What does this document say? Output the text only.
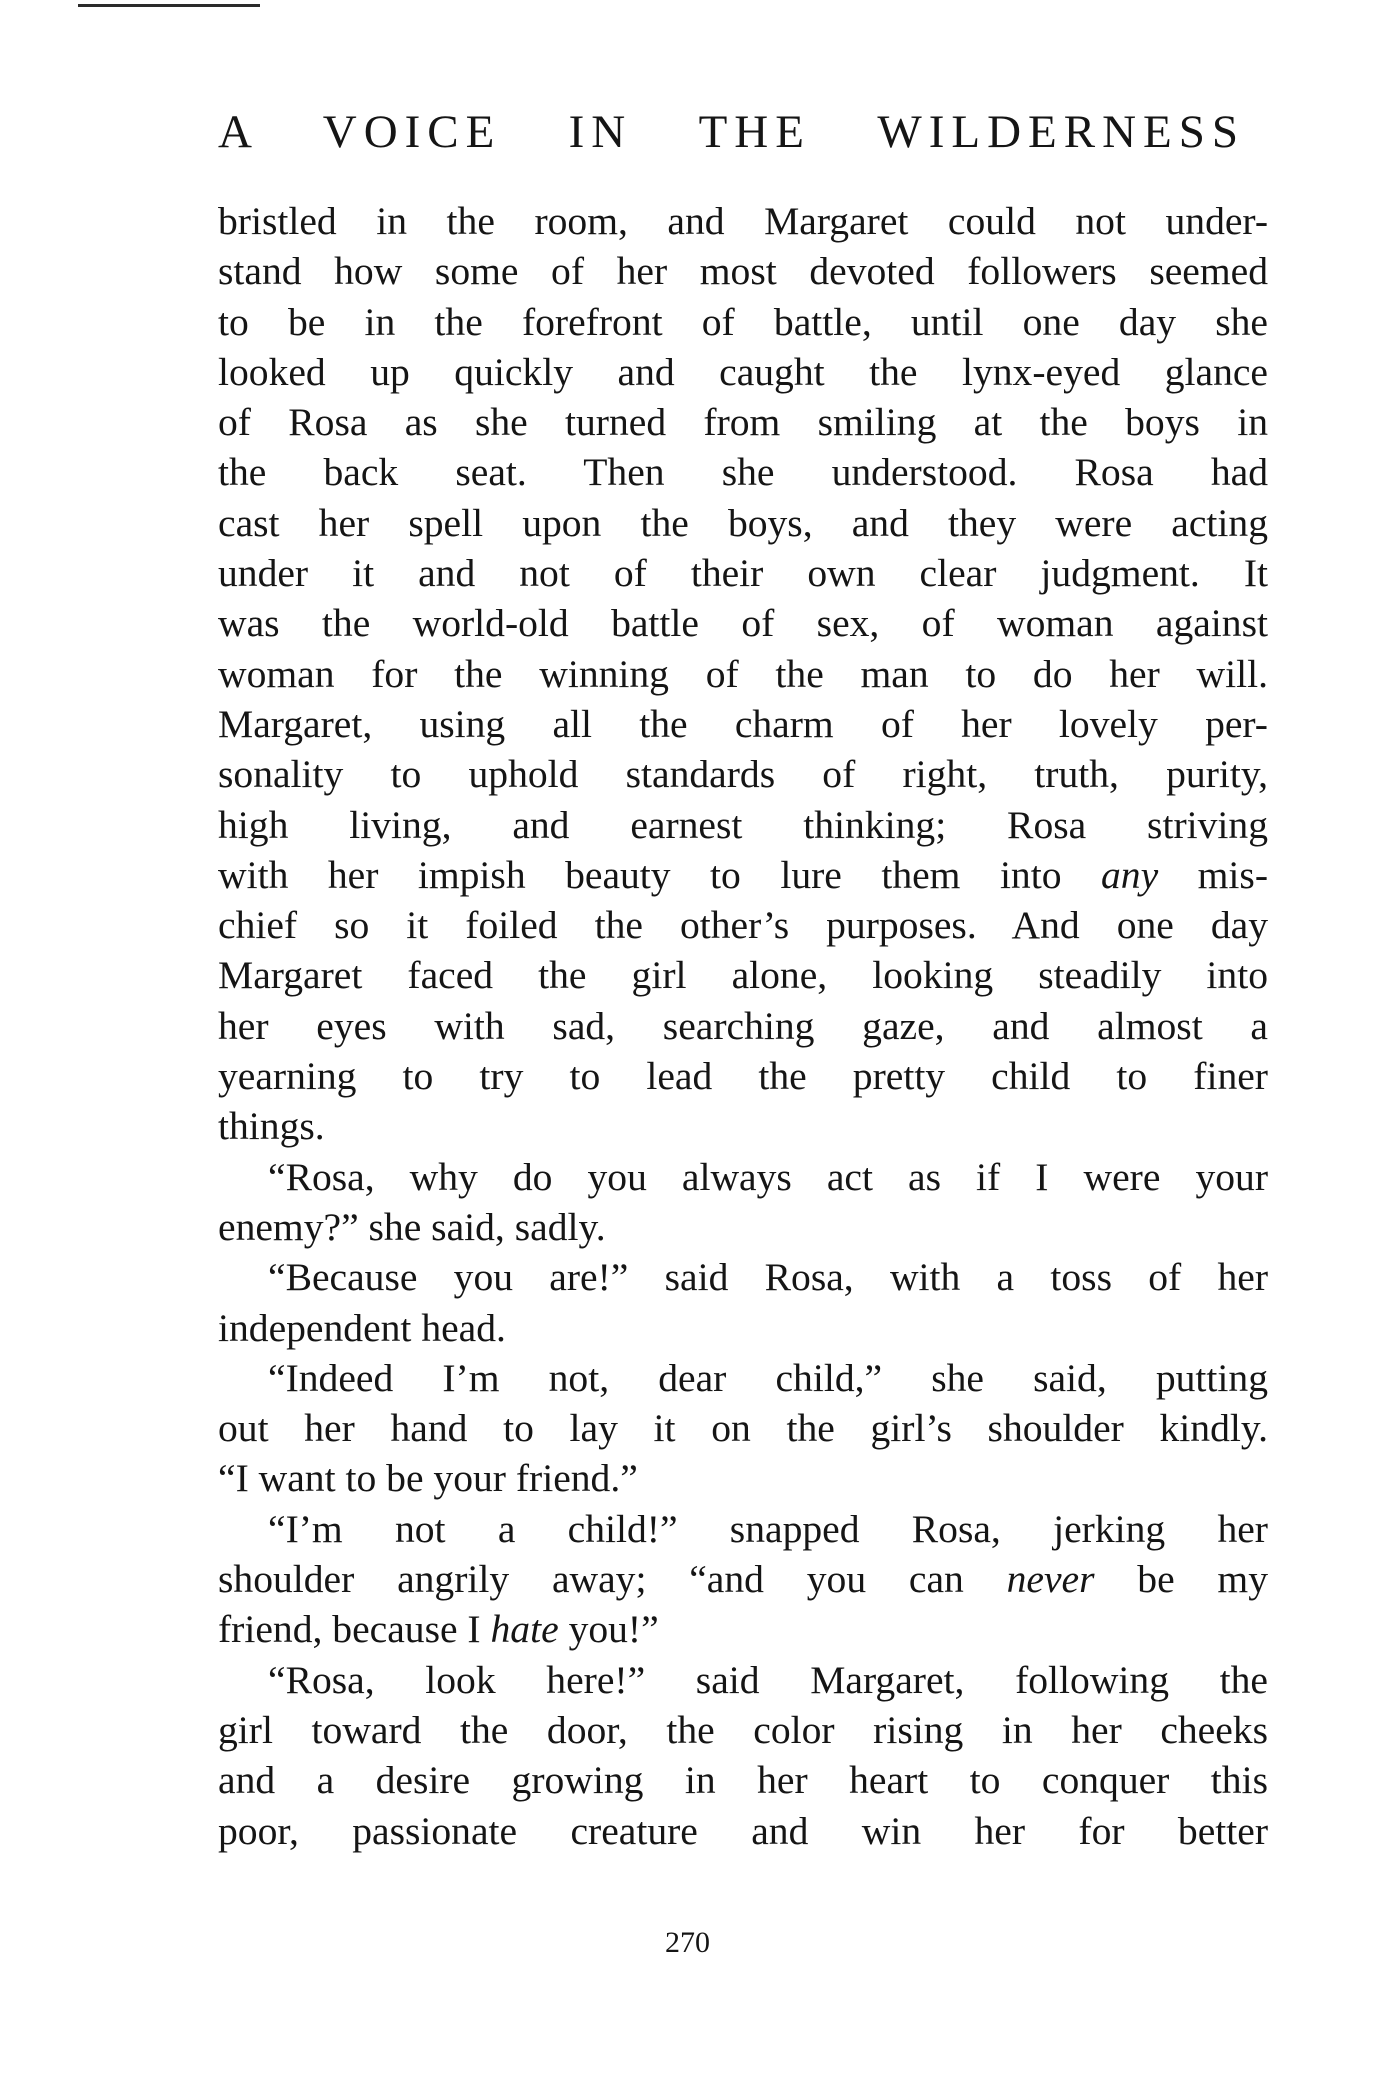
A VOICE IN THE WILDERNESS
bristled in the room, and Margaret could not under-
stand how some of her most devoted followers seemed
to be in the forefront of battle, until one day she
looked up quickly and caught the lynx-eyed glance
of Rosa as she turned from smiling at the boys in
the back seat. Then she understood. Rosa had
cast her spell upon the boys, and they were acting
under it and not of their own clear judgment. It
was the world-old battle of sex, of woman against
woman for the winning of the man to do her will.
Margaret, using all the charm of her lovely per-
sonality to uphold standards of right, truth, purity,
high living, and earnest thinking; Rosa striving
with her impish beauty to lure them into any mis-
chief so it foiled the other’s purposes. And one day
Margaret faced the girl alone, looking steadily into
her eyes with sad, searching gaze, and almost a
yearning to try to lead the pretty child to finer
things.
“Rosa, why do you always act as if I were your
enemy?” she said, sadly.
“Because you are!” said Rosa, with a toss of her
independent head.
“Indeed I’m not, dear child,” she said, putting
out her hand to lay it on the girl’s shoulder kindly.
“I want to be your friend.”
“I’m not a child!” snapped Rosa, jerking her
shoulder angrily away; “and you can never be my
friend, because I hate you!”
“Rosa, look here!” said Margaret, following the
girl toward the door, the color rising in her cheeks
and a desire growing in her heart to conquer this
poor, passionate creature and win her for better
270
